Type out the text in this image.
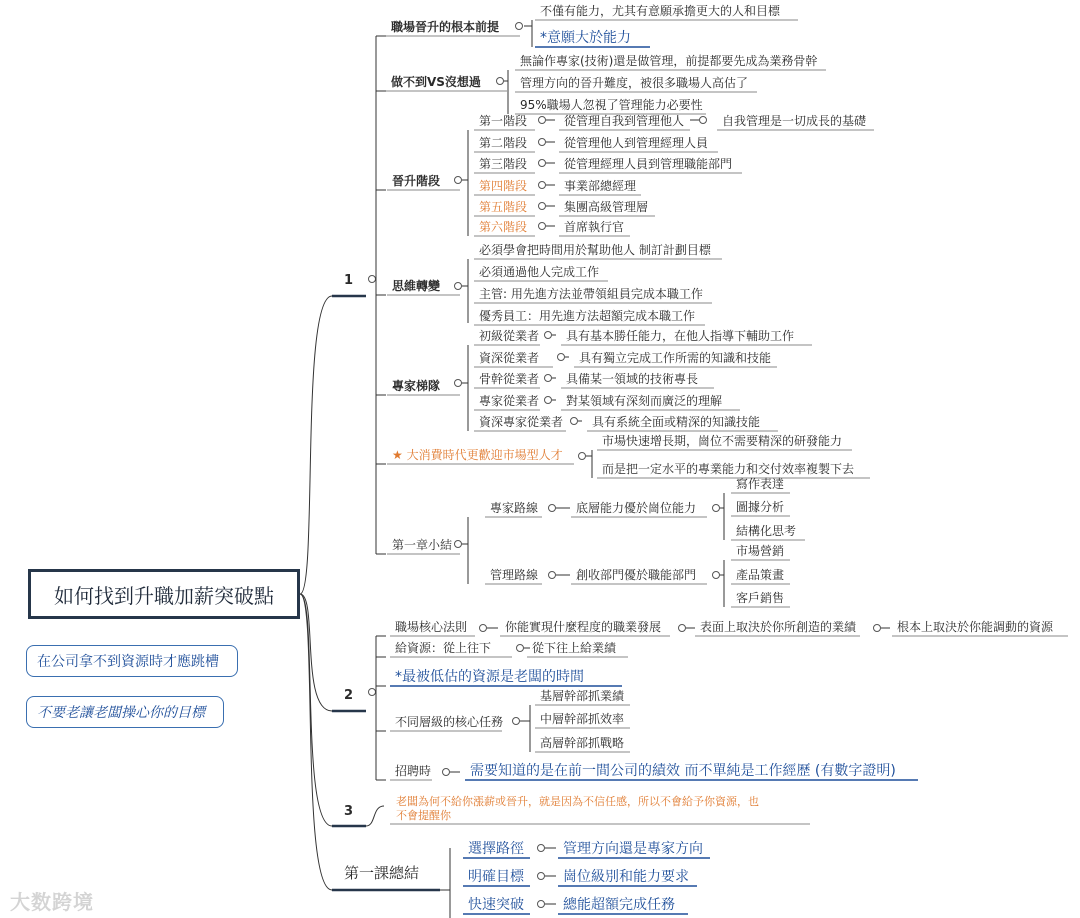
1
2
3
第一課總結
職場晉升的根本前提
不僅有能力，尤其有意願承擔更大的人和目標
*意願大於能力
做不到VS沒想過
無論作專家(技術)還是做管理，前提都要先成為業務骨幹
管理方向的晉升難度，被很多職場人高估了
95%職場人忽視了管理能力必要性
晉升階段
第一階段	從管理自我到管理他人
第二階段	從管理他人到管理經理人員
第三階段	從管理經理人員到管理職能部門
第四階段	事業部總經理
第五階段	集團高級管理層
第六階段	首席執行官
自我管理是一切成長的基礎
思維轉變
必須學會把時間用於幫助他人 制訂計劃目標
必須通過他人完成工作
主管: 用先進方法並帶領組員完成本職工作
優秀員工：用先進方法超額完成本職工作
專家梯隊
初級從業者 具有基本勝任能力，在他人指導下輔助工作
資深從業者	具有獨立完成工作所需的知識和技能
骨幹從業者 具備某一領域的技術專長
專家從業者 對某領域有深刻而廣泛的理解
資深專家從業者 具有系統全面或精深的知識技能
★ 大消費時代更歡迎市場型人才
市場快速增長期，崗位不需要精深的研發能力
而是把一定水平的專業能力和交付效率複製下去
第一章小結
專家路線	底層能力優於崗位能力
寫作表達
圖據分析
結構化思考
管理路線	創收部門優於職能部門
市場營銷
產品策畫
客戶銷售
職場核心法則	你能實現什麼程度的職業發展	表面上取決於你所創造的業績	根本上取決於你能調動的資源
給資源：從上往下	從下往上給業績
*最被低估的資源是老闆的時間
不同層級的核心任務
基層幹部抓業績
中層幹部抓效率
高層幹部抓戰略
招聘時	需要知道的是在前一間公司的績效 而不單純是工作經歷 (有數字證明)
老闆為何不給你漲薪或晉升，就是因為不信任感，所以不會給予你資源，也
不會提醒你
選擇路徑	管理方向還是專家方向
明確目標	崗位級別和能力要求
快速突破	總能超額完成任務
如何找到升職加薪突破點
在公司拿不到資源時才應跳槽
不要老讓老闆操心你的目標
大数跨境
